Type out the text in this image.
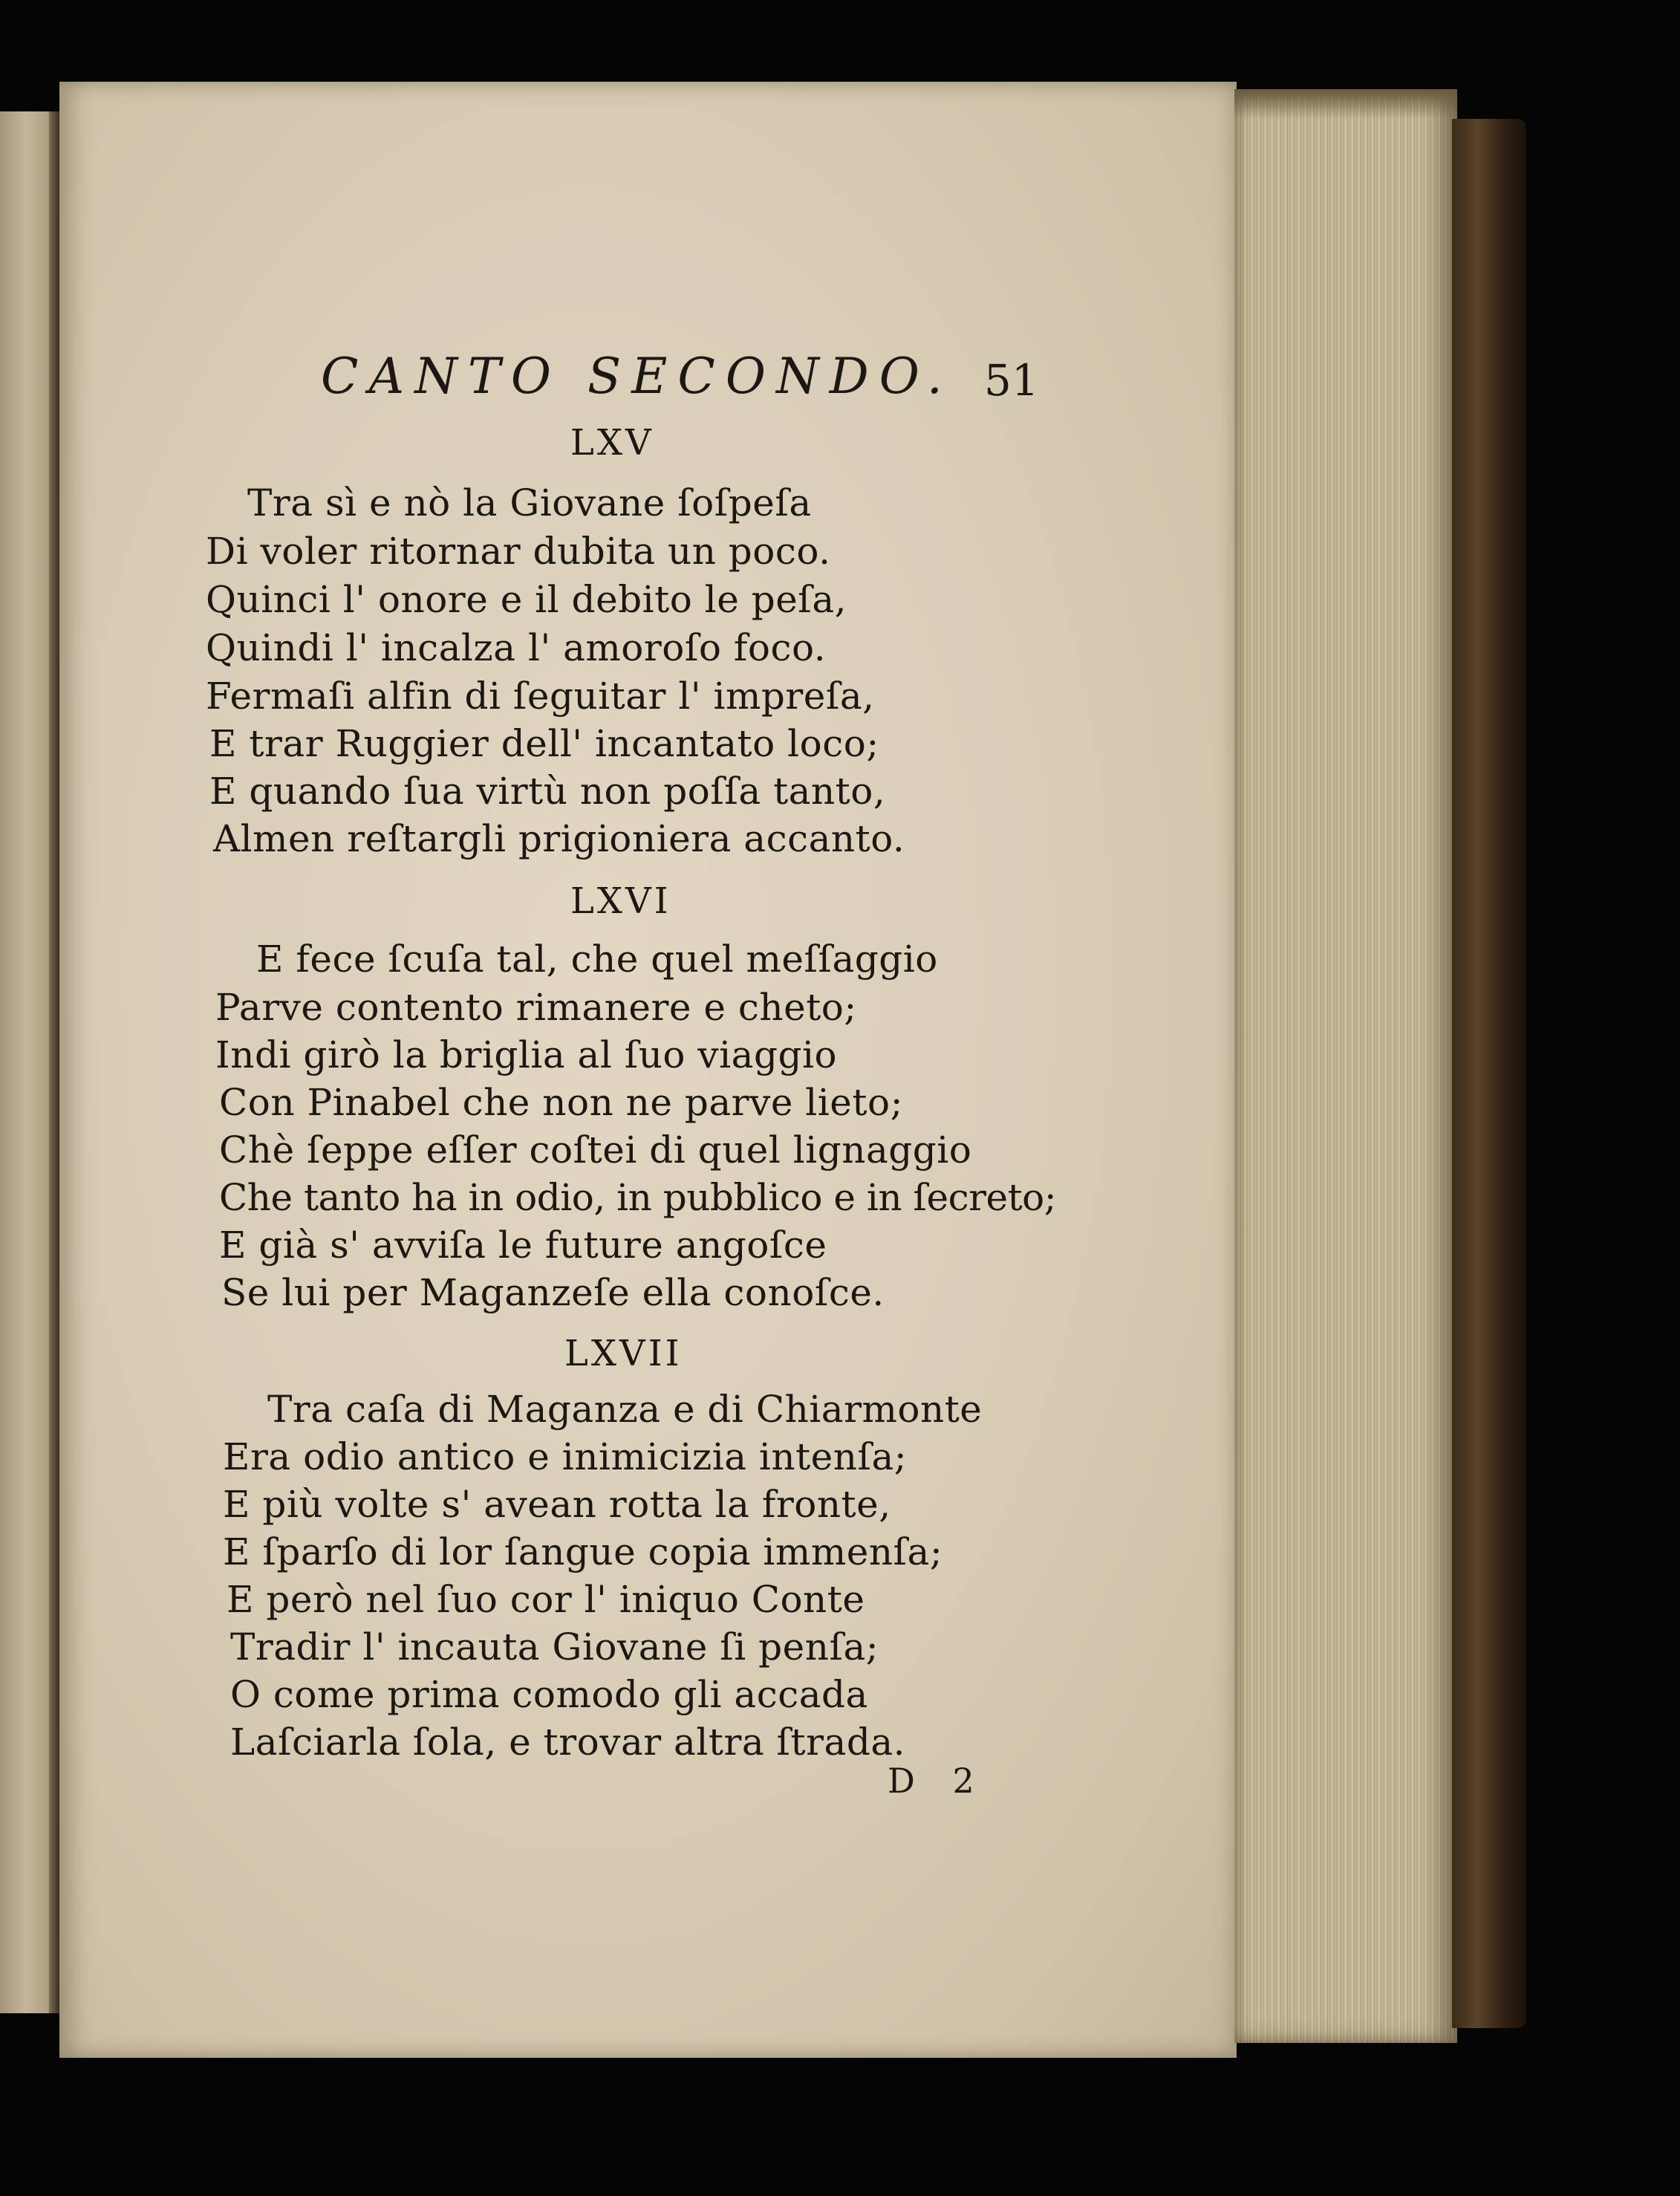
CANTO SECONDO. 51
LXV
Tra sì e nò la Giovane ſoſpeſa
Di voler ritornar dubita un poco.
Quinci l' onore e il debito le peſa,
Quindi l' incalza l' amoroſo foco.
Fermaſi alfin di ſeguitar l' impreſa,
E trar Ruggier dell' incantato loco;
E quando ſua virtù non poſſa tanto,
Almen reſtargli prigioniera accanto.
LXVI
E fece ſcuſa tal, che quel meſſaggio
Parve contento rimanere e cheto;
Indi girò la briglia al ſuo viaggio
Con Pinabel che non ne parve lieto;
Chè ſeppe eſſer coſtei di quel lignaggio
Che tanto ha in odio, in pubblico e in ſecreto;
E già s' avviſa le future angoſce
Se lui per Maganzeſe ella conoſce.
LXVII
Tra caſa di Maganza e di Chiarmonte
Era odio antico e inimicizia intenſa;
E più volte s' avean rotta la fronte,
E ſparſo di lor ſangue copia immenſa;
E però nel ſuo cor l' iniquo Conte
Tradir l' incauta Giovane ſi penſa;
O come prima comodo gli accada
Laſciarla ſola, e trovar altra ſtrada.
D 2
